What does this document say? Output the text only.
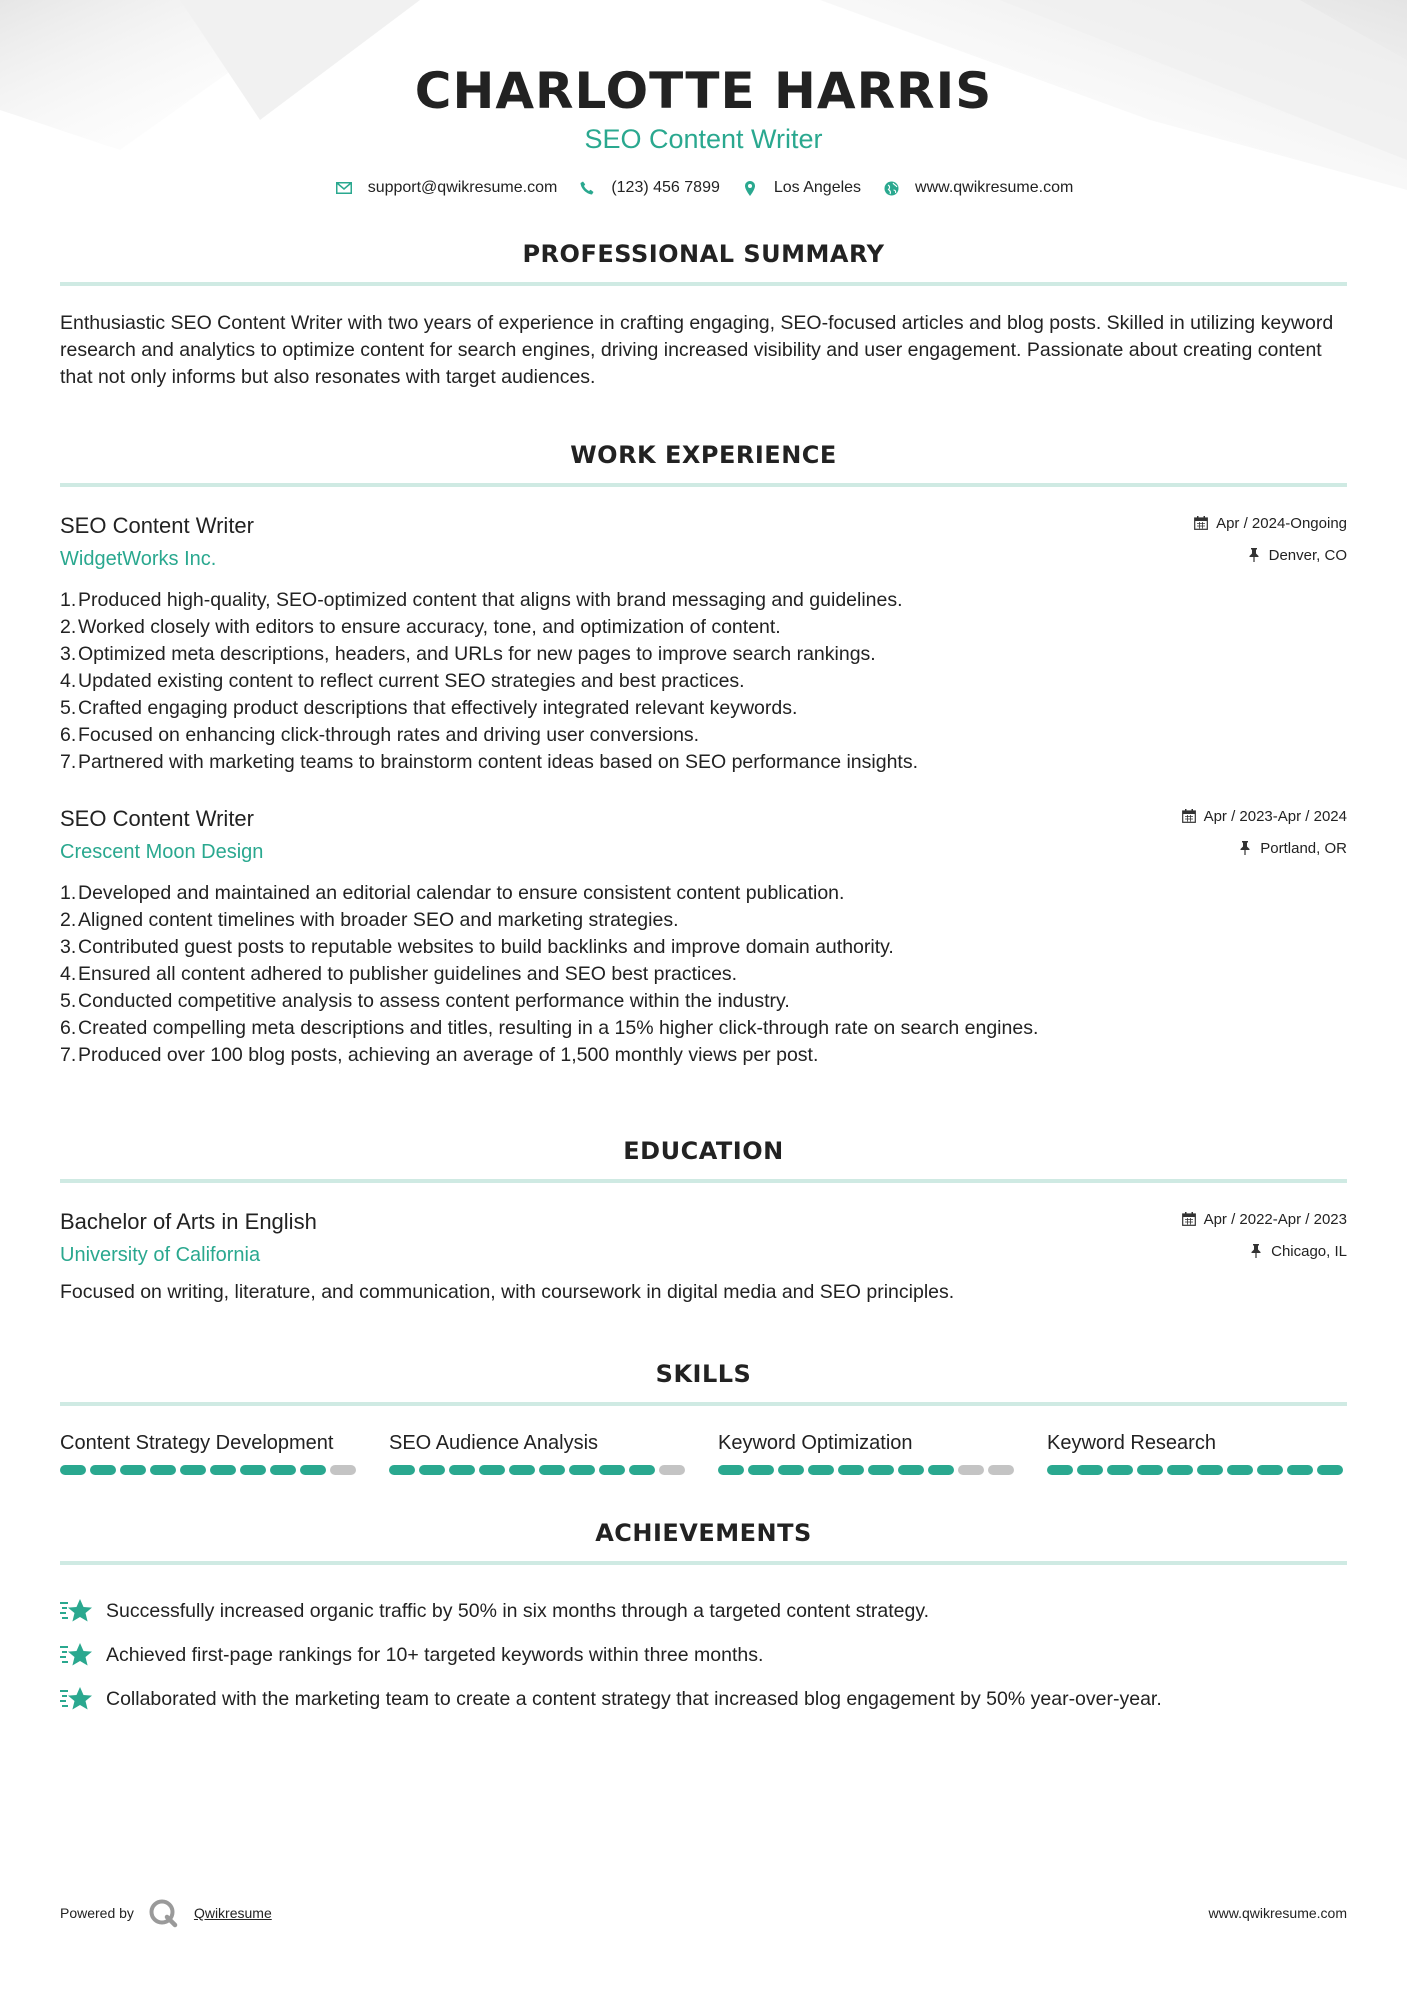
CHARLOTTE HARRIS
SEO Content Writer
support@qwikresume.com	(123) 456 7899	Los Angeles	www.qwikresume.com
PROFESSIONAL SUMMARY
Enthusiastic SEO Content Writer with two years of experience in crafting engaging, SEO-focused articles and blog posts. Skilled in utilizing keyword research and analytics to optimize content for search engines, driving increased visibility and user engagement. Passionate about creating content that not only informs but also resonates with target audiences.
WORK EXPERIENCE
SEO Content Writer
WidgetWorks Inc.
Apr / 2024-Ongoing
Denver, CO
1. Produced high-quality, SEO-optimized content that aligns with brand messaging and guidelines.
2. Worked closely with editors to ensure accuracy, tone, and optimization of content.
3. Optimized meta descriptions, headers, and URLs for new pages to improve search rankings.
4. Updated existing content to reflect current SEO strategies and best practices.
5. Crafted engaging product descriptions that effectively integrated relevant keywords.
6. Focused on enhancing click-through rates and driving user conversions.
7. Partnered with marketing teams to brainstorm content ideas based on SEO performance insights.
SEO Content Writer
Crescent Moon Design
Apr / 2023-Apr / 2024
Portland, OR
1. Developed and maintained an editorial calendar to ensure consistent content publication.
2. Aligned content timelines with broader SEO and marketing strategies.
3. Contributed guest posts to reputable websites to build backlinks and improve domain authority.
4. Ensured all content adhered to publisher guidelines and SEO best practices.
5. Conducted competitive analysis to assess content performance within the industry.
6. Created compelling meta descriptions and titles, resulting in a 15% higher click-through rate on search engines.
7. Produced over 100 blog posts, achieving an average of 1,500 monthly views per post.
EDUCATION
Bachelor of Arts in English
University of California
Apr / 2022-Apr / 2023
Chicago, IL
Focused on writing, literature, and communication, with coursework in digital media and SEO principles.
SKILLS
Content Strategy Development	SEO Audience Analysis	Keyword Optimization	Keyword Research
ACHIEVEMENTS
Successfully increased organic traffic by 50% in six months through a targeted content strategy.
Achieved first-page rankings for 10+ targeted keywords within three months.
Collaborated with the marketing team to create a content strategy that increased blog engagement by 50% year-over-year.
Powered by	Qwikresume	www.qwikresume.com
